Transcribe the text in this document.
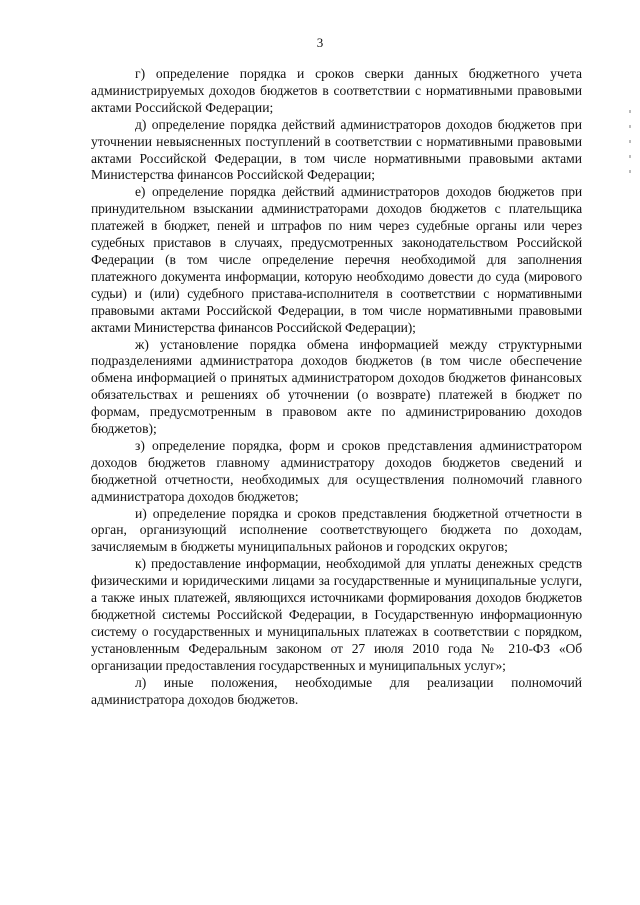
3

г) определение порядка и сроков сверки данных бюджетного учета администрируемых доходов бюджетов в соответствии с нормативными правовыми актами Российской Федерации;

д) определение порядка действий администраторов доходов бюджетов при уточнении невыясненных поступлений в соответствии с нормативными правовыми актами Российской Федерации, в том числе нормативными правовыми актами Министерства финансов Российской Федерации;

е) определение порядка действий администраторов доходов бюджетов при принудительном взыскании администраторами доходов бюджетов с плательщика платежей в бюджет, пеней и штрафов по ним через судебные органы или через судебных приставов в случаях, предусмотренных законодательством Российской Федерации (в том числе определение перечня необходимой для заполнения платежного документа информации, которую необходимо довести до суда (мирового судьи) и (или) судебного пристава-исполнителя в соответствии с нормативными правовыми актами Российской Федерации, в том числе нормативными правовыми актами Министерства финансов Российской Федерации);

ж) установление порядка обмена информацией между структурными подразделениями администратора доходов бюджетов (в том числе обеспечение обмена информацией о принятых администратором доходов бюджетов финансовых обязательствах и решениях об уточнении (о возврате) платежей в бюджет по формам, предусмотренным в правовом акте по администрированию доходов бюджетов);

з) определение порядка, форм и сроков представления администратором доходов бюджетов главному администратору доходов бюджетов сведений и бюджетной отчетности, необходимых для осуществления полномочий главного администратора доходов бюджетов;

и) определение порядка и сроков представления бюджетной отчетности в орган, организующий исполнение соответствующего бюджета по доходам, зачисляемым в бюджеты муниципальных районов и городских округов;

к) предоставление информации, необходимой для уплаты денежных средств физическими и юридическими лицами за государственные и муниципальные услуги, а также иных платежей, являющихся источниками формирования доходов бюджетов бюджетной системы Российской Федерации, в Государственную информационную систему о государственных и муниципальных платежах в соответствии с порядком, установленным Федеральным законом от 27 июля 2010 года № 210-ФЗ «Об организации предоставления государственных и муниципальных услуг»;

л) иные положения, необходимые для реализации полномочий администратора доходов бюджетов.
